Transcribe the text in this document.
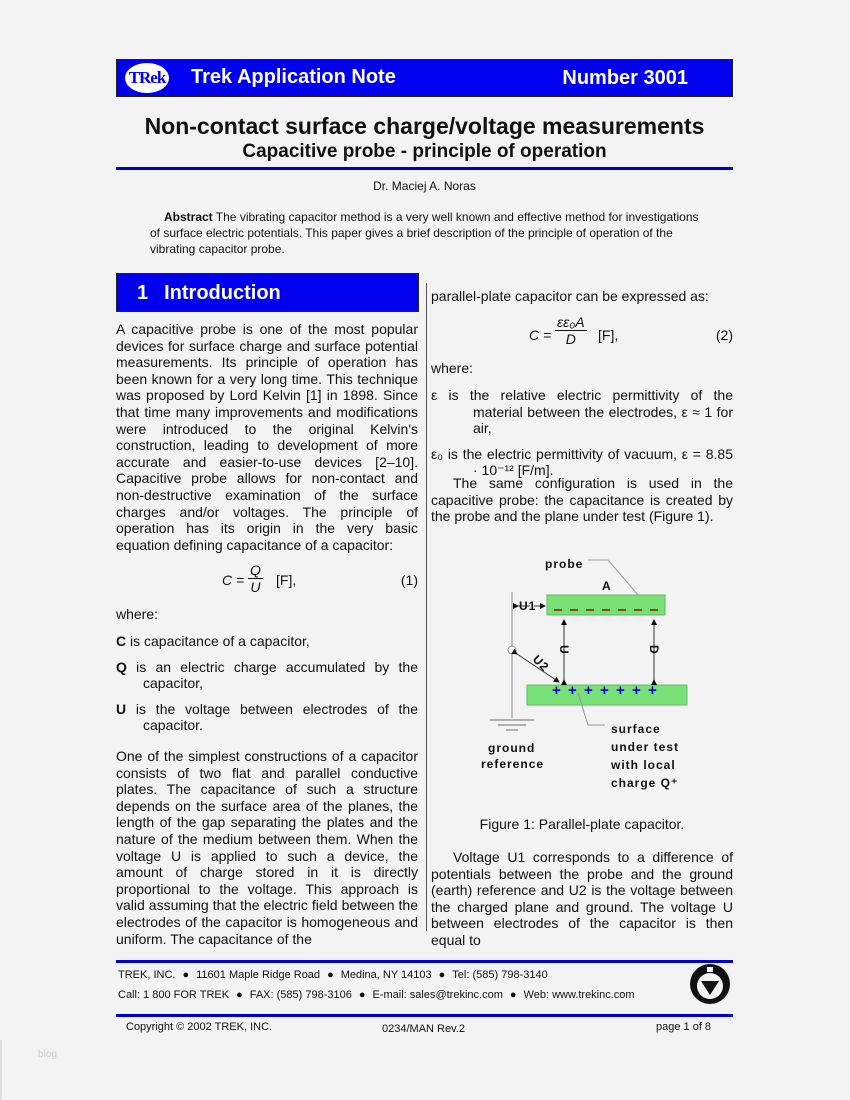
TRek Trek Application Note	Number 3001
Non-contact surface charge/voltage measurements
Capacitive probe - principle of operation
Dr. Maciej A. Noras
Abstract The vibrating capacitor method is a very well known and effective method for investigations of surface electric potentials. This paper gives a brief description of the principle of operation of the vibrating capacitor probe.
1 Introduction
A capacitive probe is one of the most popular devices for surface charge and surface potential measurements. Its principle of operation has been known for a very long time. This technique was proposed by Lord Kelvin [1] in 1898. Since that time many improvements and modifications were introduced to the original Kelvin's construction, leading to development of more accurate and easier-to-use devices [2–10]. Capacitive probe allows for non-contact and non-destructive examination of the surface charges and/or voltages. The principle of operation has its origin in the very basic equation defining capacitance of a capacitor:
$C = \frac{Q}{U} [F]$,	(1)
where:
C is capacitance of a capacitor,
Q is an electric charge accumulated by the capacitor,
U is the voltage between electrodes of the capacitor.
One of the simplest constructions of a capacitor consists of two flat and parallel conductive plates. The capacitance of such a structure depends on the surface area of the planes, the length of the gap separating the plates and the nature of the medium between them. When the voltage U is applied to such a device, the amount of charge stored in it is directly proportional to the voltage. This approach is valid assuming that the electric field between the electrodes of the capacitor is homogeneous and uniform. The capacitance of the
parallel-plate capacitor can be expressed as:
$C = \frac{\text{εε₀A}}{D} [F]$,	(2)
where:
ε is the relative electric permittivity of the material between the electrodes, ε ≈ 1 for air,
ε₀ is the electric permittivity of vacuum, ε = 8.85 · 10⁻¹² [F/m].
The same configuration is used in the capacitive probe: the capacitance is created by the probe and the plane under test (Figure 1).
+ + + + + + +
probe
A
U1
ground
reference
surface
under test
with local
charge Q⁺
U	D
U2
Figure 1: Parallel-plate capacitor.
Voltage U1 corresponds to a difference of potentials between the probe and the ground (earth) reference and U2 is the voltage between the charged plane and ground. The voltage U between electrodes of the capacitor is then equal to
TREK, INC. ● 11601 Maple Ridge Road ● Medina, NY 14103 ● Tel: (585) 798-3140
Call: 1 800 FOR TREK ● FAX: (585) 798-3106 ● E-mail: sales@trekinc.com ● Web: www.trekinc.com
Copyright © 2002 TREK, INC.	0234/MAN Rev.2	page 1 of 8
blog
